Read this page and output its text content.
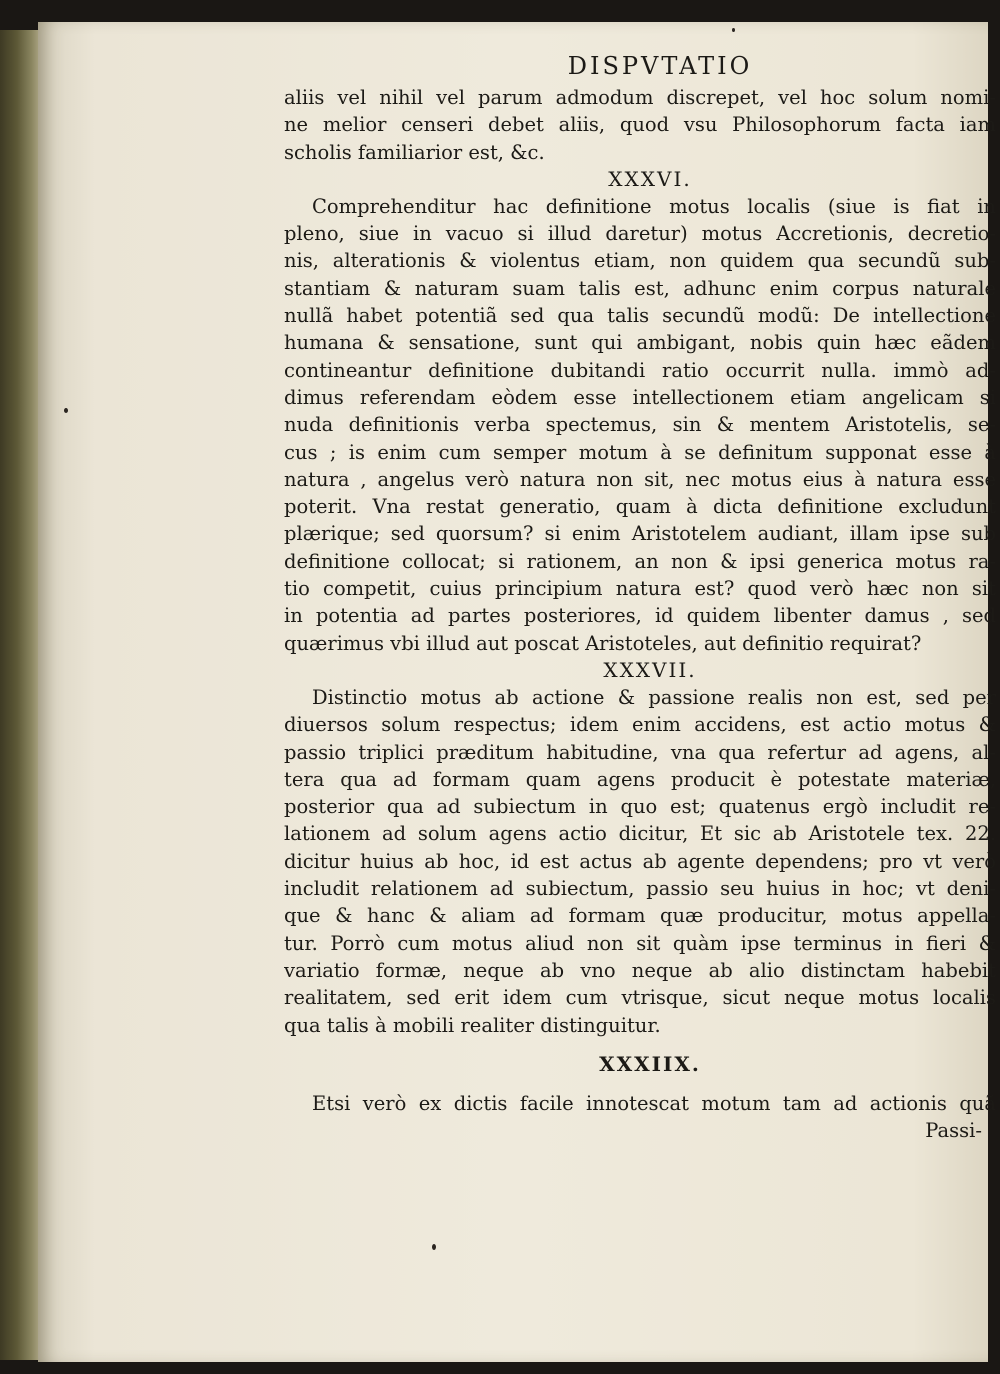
DISPVTATIO
aliis vel nihil vel parum admodum discrepet, vel hoc solum nomi-
ne melior censeri debet aliis, quod vsu Philosophorum facta iam
scholis familiarior est, &c.
XXXVI.
Comprehenditur hac definitione motus localis (siue is fiat in
pleno, siue in vacuo si illud daretur) motus Accretionis, decretio-
nis, alterationis & violentus etiam, non quidem qua secundũ sub-
stantiam & naturam suam talis est, adhunc enim corpus naturale
nullã habet potentiã sed qua talis secundũ modũ: De intellectione
humana & sensatione, sunt qui ambigant, nobis quin hæc eãdem
contineantur definitione dubitandi ratio occurrit nulla. immò ad-
dimus referendam eòdem esse intellectionem etiam angelicam si
nuda definitionis verba spectemus, sin & mentem Aristotelis, se-
cus ; is enim cum semper motum à se definitum supponat esse à
natura , angelus verò natura non sit, nec motus eius à natura esse
poterit. Vna restat generatio, quam à dicta definitione excludunt
plærique; sed quorsum? si enim Aristotelem audiant, illam ipse sub
definitione collocat; si rationem, an non & ipsi generica motus ra-
tio competit, cuius principium natura est? quod verò hæc non sit
in potentia ad partes posteriores, id quidem libenter damus , sed
quærimus vbi illud aut poscat Aristoteles, aut definitio requirat?
XXXVII.
Distinctio motus ab actione & passione realis non est, sed per
diuersos solum respectus; idem enim accidens, est actio motus &
passio triplici præditum habitudine, vna qua refertur ad agens, al-
tera qua ad formam quam agens producit è potestate materiæ,
posterior qua ad subiectum in quo est; quatenus ergò includit re-
lationem ad solum agens actio dicitur, Et sic ab Aristotele tex. 22.
dicitur huius ab hoc, id est actus ab agente dependens; pro vt verò
includit relationem ad subiectum, passio seu huius in hoc; vt deni-
que & hanc & aliam ad formam quæ producitur, motus appella-
tur. Porrò cum motus aliud non sit quàm ipse terminus in fieri &
variatio formæ, neque ab vno neque ab alio distinctam habebit
realitatem, sed erit idem cum vtrisque, sicut neque motus localis
qua talis à mobili realiter distinguitur.
XXXIIX.
Etsi verò ex dictis facile innotescat motum tam ad actionis quã
Passi-
